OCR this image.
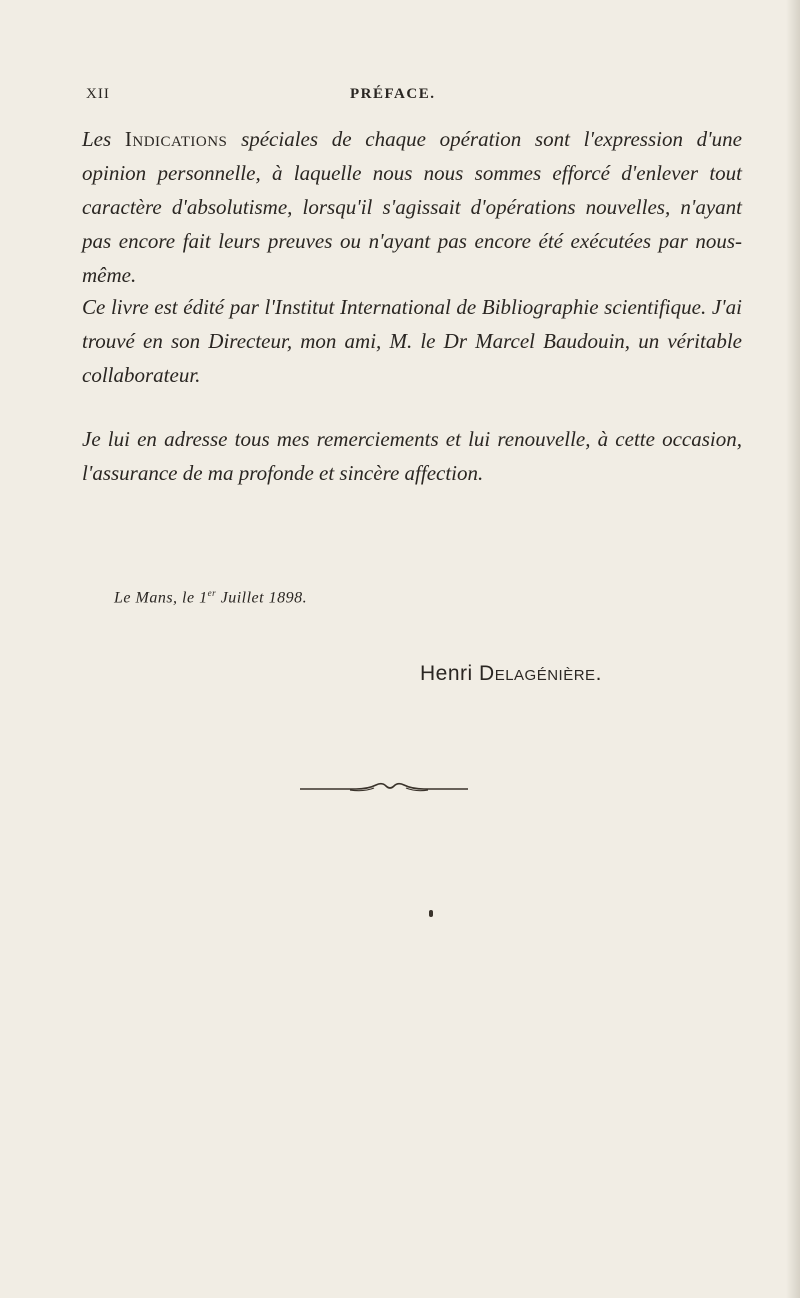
XII	PRÉFACE.

Les Indications spéciales de chaque opération sont l'expression d'une opinion personnelle, à laquelle nous nous sommes efforcé d'enlever tout caractère d'absolutisme, lorsqu'il s'agissait d'opérations nouvelles, n'ayant pas encore fait leurs preuves ou n'ayant pas encore été exécutées par nous-même.

Ce livre est édité par l'Institut International de Bibliographie scientifique. J'ai trouvé en son Directeur, mon ami, M. le Dr Marcel Baudouin, un véritable collaborateur.

Je lui en adresse tous mes remerciements et lui renouvelle, à cette occasion, l'assurance de ma profonde et sincère affection.

Le Mans, le 1er Juillet 1898.
Henri Delagénière.
